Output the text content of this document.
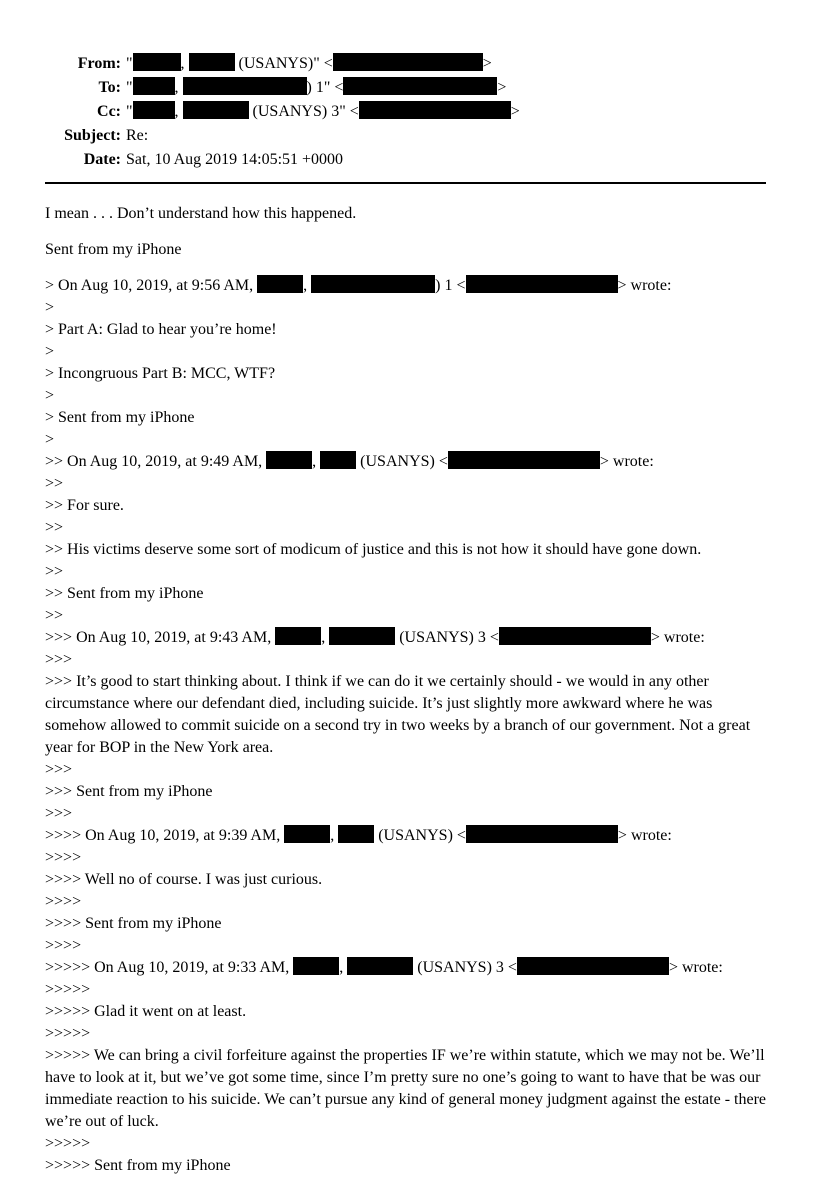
From: "	,	(USANYS)" <	>
To: "	,	) 1" <	>
Cc: "	,	(USANYS) 3" <	>
Subject: Re:
Date: Sat, 10 Aug 2019 14:05:51 +0000
I mean . . . Don’t understand how this happened.
Sent from my iPhone
> On Aug 10, 2019, at 9:56 AM,	,	) 1 <	> wrote:
>
> Part A: Glad to hear you’re home!
>
> Incongruous Part B: MCC, WTF?
>
> Sent from my iPhone
>
>> On Aug 10, 2019, at 9:49 AM,	,  (USANYS) <	> wrote:
>>
>> For sure.
>>
>> His victims deserve some sort of modicum of justice and this is not how it should have gone down.
>>
>> Sent from my iPhone
>>
>>> On Aug 10, 2019, at 9:43 AM,	,	(USANYS) 3 <	> wrote:
>>>
>>> It’s good to start thinking about. I think if we can do it we certainly should - we would in any other circumstance where our defendant died, including suicide. It’s just slightly more awkward where he was somehow allowed to commit suicide on a second try in two weeks by a branch of our government. Not a great year for BOP in the New York area.
>>>
>>> Sent from my iPhone
>>>
>>>> On Aug 10, 2019, at 9:39 AM,	,  (USANYS) <	> wrote:
>>>>
>>>> Well no of course. I was just curious.
>>>>
>>>> Sent from my iPhone
>>>>
>>>>> On Aug 10, 2019, at 9:33 AM,	,	(USANYS) 3 <	> wrote:
>>>>>
>>>>> Glad it went on at least.
>>>>>
>>>>> We can bring a civil forfeiture against the properties IF we’re within statute, which we may not be. We’ll have to look at it, but we’ve got some time, since I’m pretty sure no one’s going to want to have that be was our immediate reaction to his suicide. We can’t pursue any kind of general money judgment against the estate - there we’re out of luck.
>>>>>
>>>>> Sent from my iPhone
